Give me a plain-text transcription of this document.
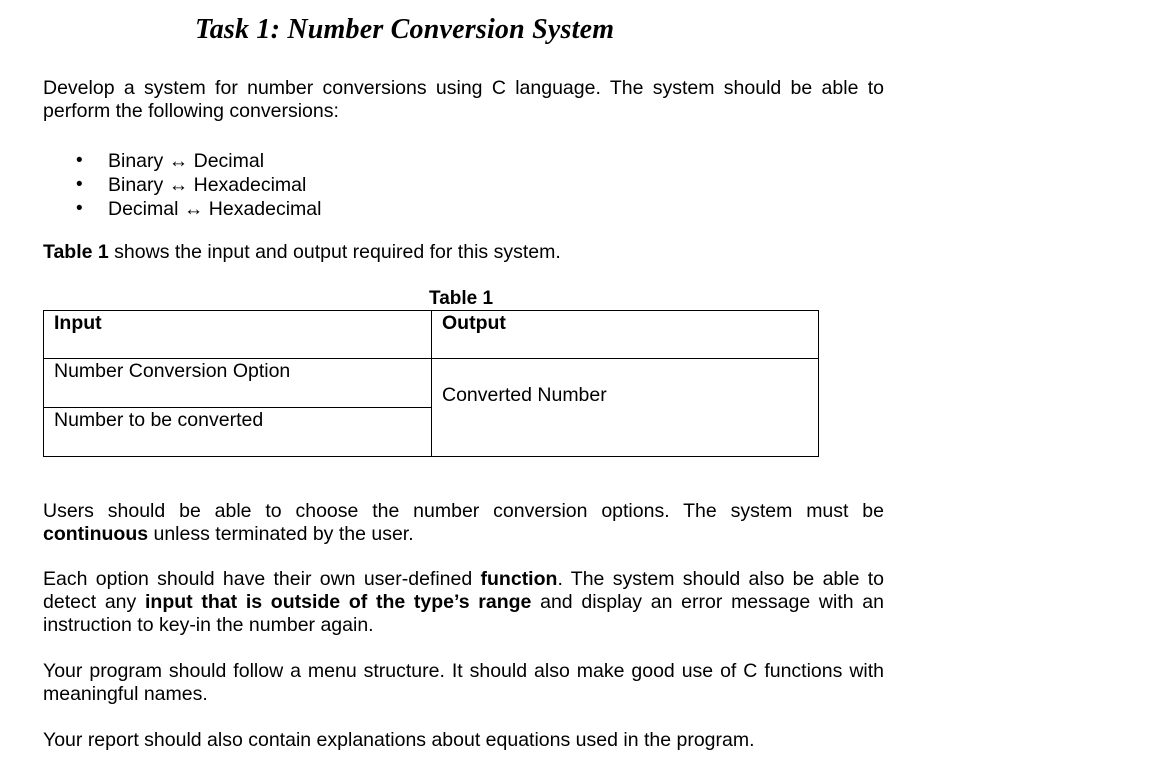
Task 1: Number Conversion System
Develop a system for number conversions using C language. The system should be able to perform the following conversions:
• Binary ↔ Decimal
• Binary ↔ Hexadecimal
• Decimal ↔ Hexadecimal
Table 1 shows the input and output required for this system.
Table 1
Input	Output
Number Conversion Option	Converted Number
Number to be converted	
Users should be able to choose the number conversion options. The system must be continuous unless terminated by the user.
Each option should have their own user-defined function. The system should also be able to detect any input that is outside of the type’s range and display an error message with an instruction to key-in the number again.
Your program should follow a menu structure. It should also make good use of C functions with meaningful names.
Your report should also contain explanations about equations used in the program.
